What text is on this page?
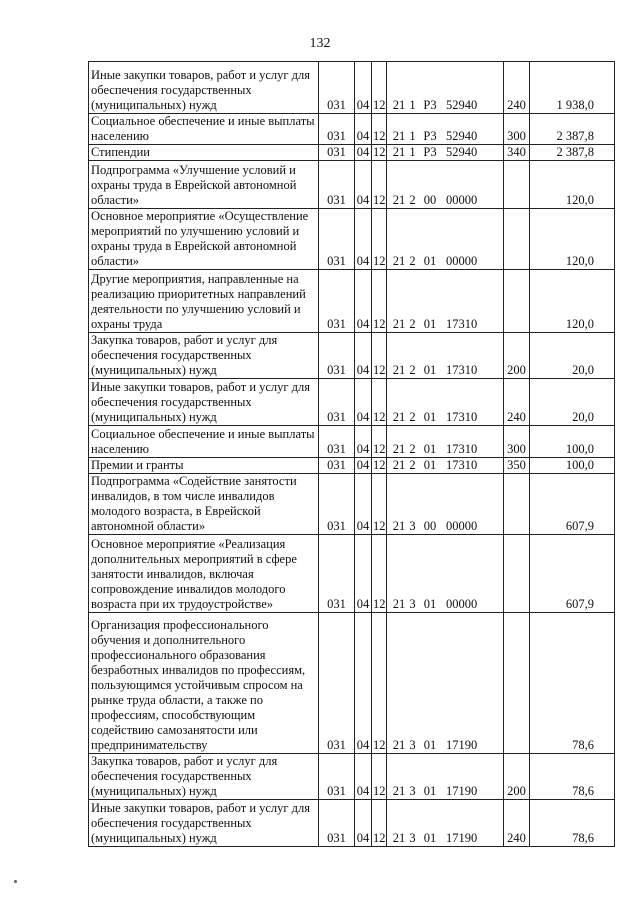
132
Иные закупки товаров, работ и услуг для обеспечения государственных (муниципальных) нужд	031	04	12	21 1 Р3 52940	240	1 938,0
Социальное обеспечение и иные выплаты населению	031	04	12	21 1 Р3 52940	300	2 387,8
Стипендии	031	04	12	21 1 Р3 52940	340	2 387,8
Подпрограмма «Улучшение условий и охраны труда в Еврейской автономной области»	031	04	12	21 2 00 00000		120,0
Основное мероприятие «Осуществление мероприятий по улучшению условий и охраны труда в Еврейской автономной области»	031	04	12	21 2 01 00000		120,0
Другие мероприятия, направленные на реализацию приоритетных направлений деятельности по улучшению условий и охраны труда	031	04	12	21 2 01 17310		120,0
Закупка товаров, работ и услуг для обеспечения государственных (муниципальных) нужд	031	04	12	21 2 01 17310	200	20,0
Иные закупки товаров, работ и услуг для обеспечения государственных (муниципальных) нужд	031	04	12	21 2 01 17310	240	20,0
Социальное обеспечение и иные выплаты населению	031	04	12	21 2 01 17310	300	100,0
Премии и гранты	031	04	12	21 2 01 17310	350	100,0
Подпрограмма «Содействие занятости инвалидов, в том числе инвалидов молодого возраста, в Еврейской автономной области»	031	04	12	21 3 00 00000		607,9
Основное мероприятие «Реализация дополнительных мероприятий в сфере занятости инвалидов, включая сопровождение инвалидов молодого возраста при их трудоустройстве»	031	04	12	21 3 01 00000		607,9
Организация профессионального обучения и дополнительного профессионального образования безработных инвалидов по профессиям, пользующимся устойчивым спросом на рынке труда области, а также по профессиям, способствующим содействию самозанятости или предпринимательству	031	04	12	21 3 01 17190		78,6
Закупка товаров, работ и услуг для обеспечения государственных (муниципальных) нужд	031	04	12	21 3 01 17190	200	78,6
Иные закупки товаров, работ и услуг для обеспечения государственных (муниципальных) нужд	031	04	12	21 3 01 17190	240	78,6
